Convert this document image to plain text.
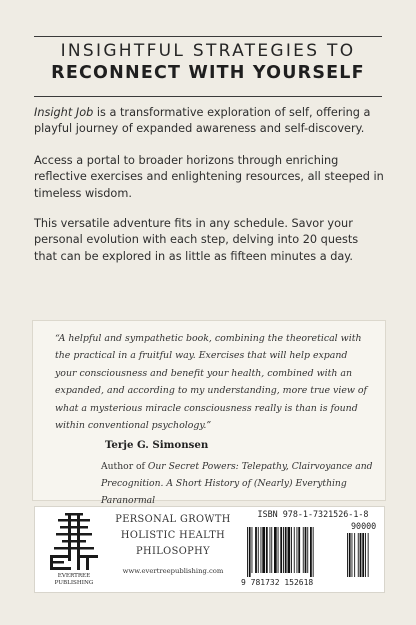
INSIGHTFUL STRATEGIES TO
RECONNECT WITH YOURSELF
Insight Job is a transformative exploration of self, offering a playful journey of expanded awareness and self-discovery.
Access a portal to broader horizons through enriching reflective exercises and enlightening resources, all steeped in timeless wisdom.
This versatile adventure fits in any schedule. Savor your personal evolution with each step, delving into 20 quests that can be explored in as little as fifteen minutes a day.
“A helpful and sympathetic book, combining the theoretical with the practical in a fruitful way. Exercises that will help expand your consciousness and benefit your health, combined with an expanded, and according to my understanding, more true view of what a mysterious miracle consciousness really is than is found within conventional psychology.”
Terje G. Simonsen
Author of Our Secret Powers: Telepathy, Clairvoyance and Precognition. A Short History of (Nearly) Everything Paranormal
EVERTREE
PUBLISHING
PERSONAL GROWTH
HOLISTIC HEALTH
PHILOSOPHY
www.evertreepublishing.com
ISBN 978-1-7321526-1-8
90000
9 781732 152618
